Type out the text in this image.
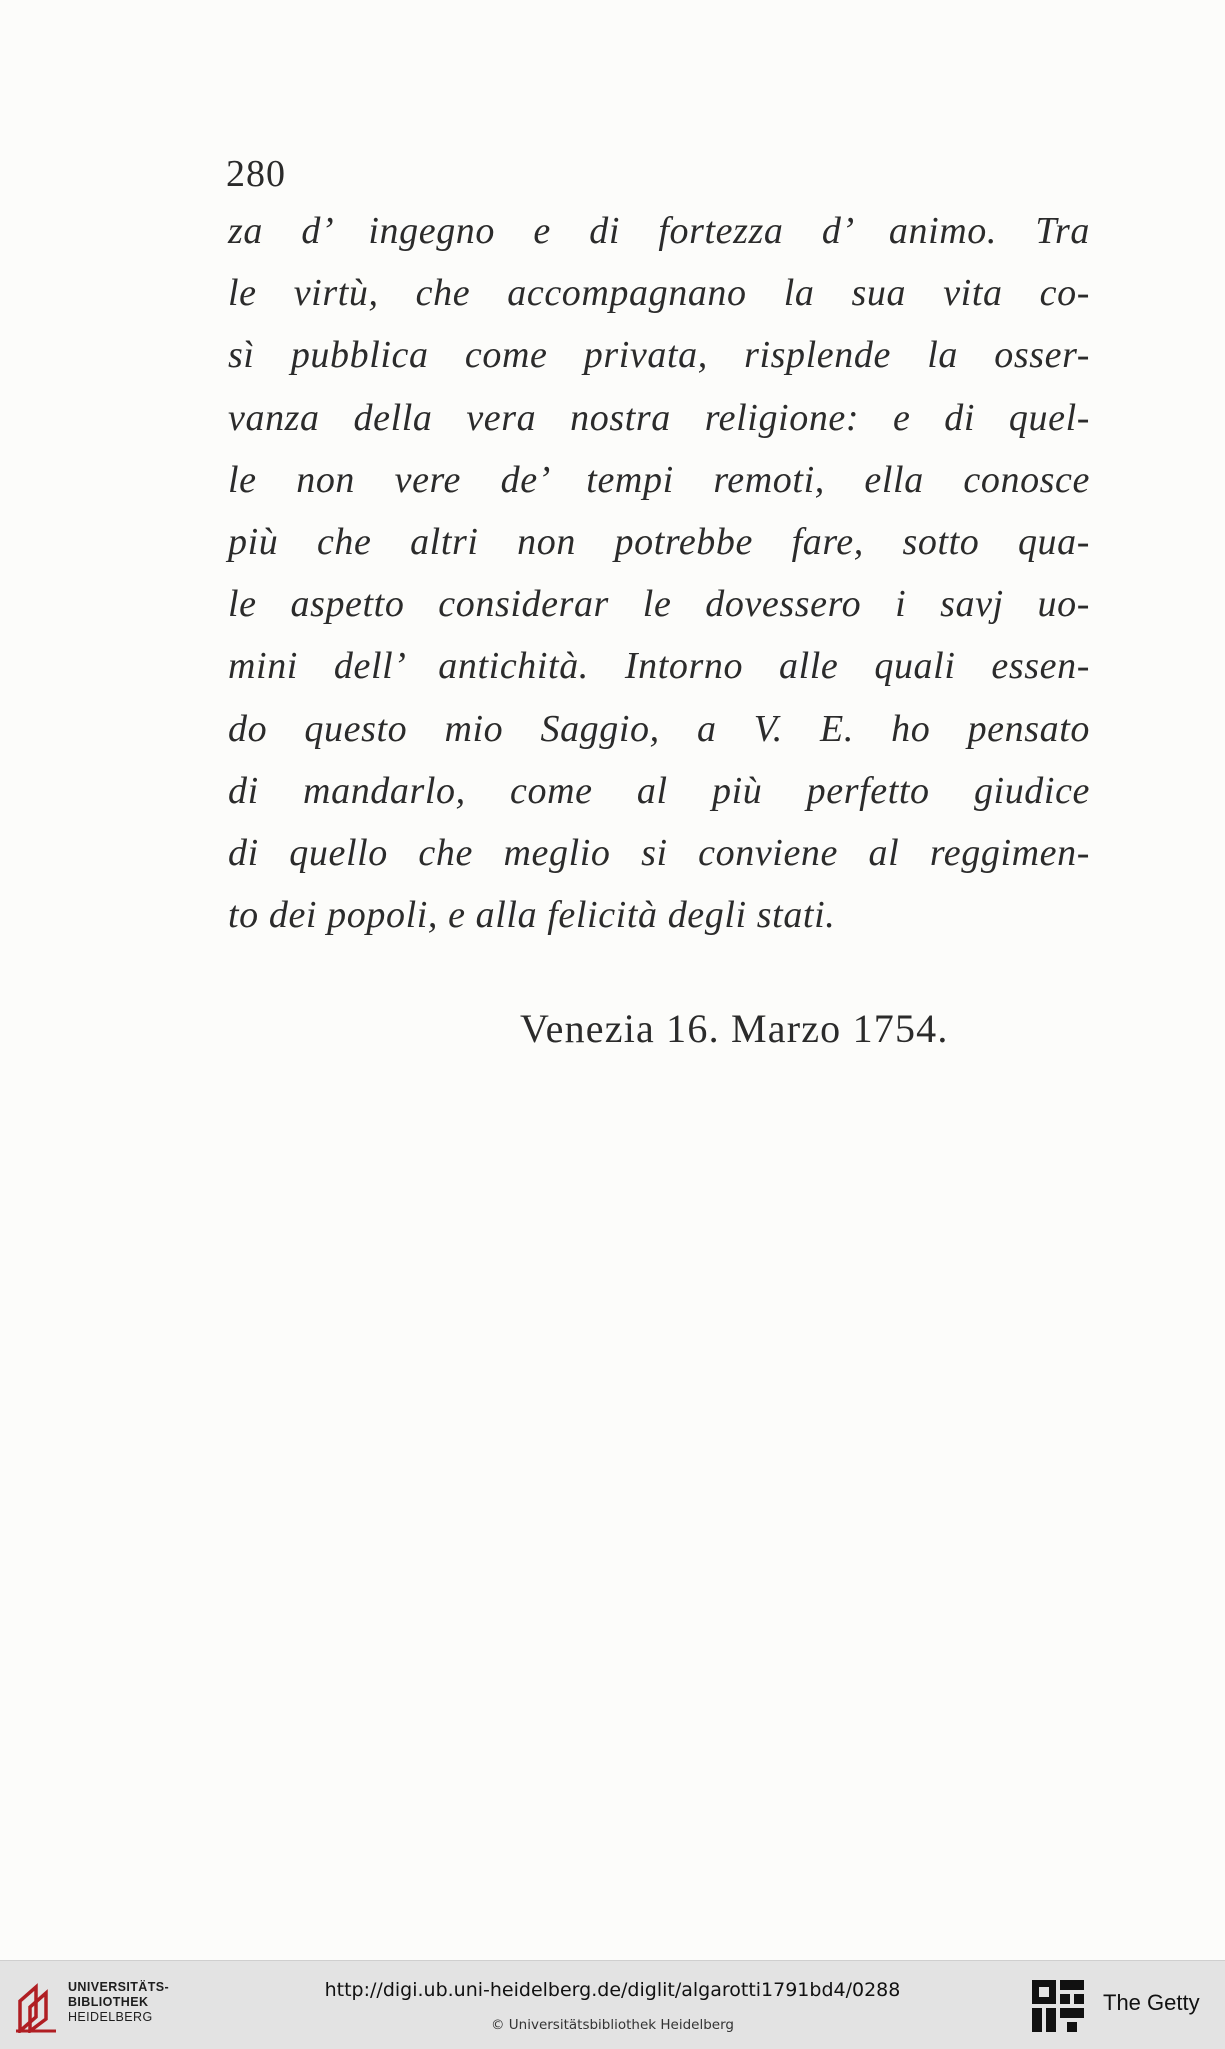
280
za d’ ingegno e di fortezza d’ animo. Tra
le virtù, che accompagnano la sua vita co-
sì pubblica come privata, risplende la osser-
vanza della vera nostra religione: e di quel-
le non vere de’ tempi remoti, ella conosce
più che altri non potrebbe fare, sotto qua-
le aspetto considerar le dovessero i savj uo-
mini dell’ antichità. Intorno alle quali essen-
do questo mio Saggio, a V. E. ho pensato
di mandarlo, come al più perfetto giudice
di quello che meglio si conviene al reggimen-
to dei popoli, e alla felicità degli stati.
Venezia 16. Marzo 1754.
UNIVERSITÄTS-
BIBLIOTHEK
HEIDELBERG
http://digi.ub.uni-heidelberg.de/diglit/algarotti1791bd4/0288
© Universitätsbibliothek Heidelberg
The Getty
